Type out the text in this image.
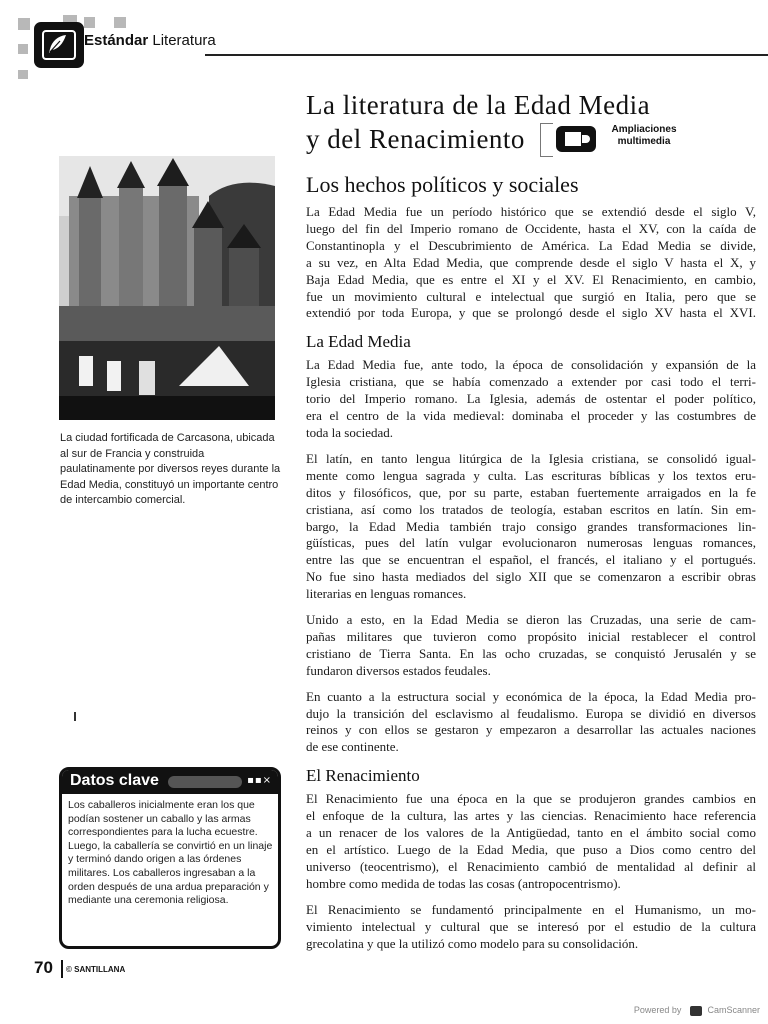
Estándar Literatura
La literatura de la Edad Media
y del Renacimiento	Ampliaciones
multimedia
La ciudad fortificada de Carcasona, ubicada al sur de Francia y construida paulatinamente por diversos reyes durante la Edad Media, constituyó un importante centro de intercambio comercial.
Datos clave	▪▪×
Los caballeros inicialmente eran los que podían sostener un caballo y las armas correspondientes para la lucha ecuestre. Luego, la caballería se convirtió en un linaje y terminó dando origen a las órdenes militares. Los caballeros ingresaban a la orden después de una ardua preparación y mediante una ceremonia religiosa.
Los hechos políticos y sociales
La Edad Media fue un período histórico que se extendió desde el siglo V,
luego del fin del Imperio romano de Occidente, hasta el XV, con la caída de
Constantinopla y el Descubrimiento de América. La Edad Media se divide,
a su vez, en Alta Edad Media, que comprende desde el siglo V hasta el X, y
Baja Edad Media, que es entre el XI y el XV. El Renacimiento, en cambio,
fue un movimiento cultural e intelectual que surgió en Italia, pero que se
extendió por toda Europa, y que se prolongó desde el siglo XV hasta el XVI.
La Edad Media
La Edad Media fue, ante todo, la época de consolidación y expansión de la
Iglesia cristiana, que se había comenzado a extender por casi todo el terri-
torio del Imperio romano. La Iglesia, además de ostentar el poder político,
era el centro de la vida medieval: dominaba el proceder y las costumbres de
toda la sociedad.
El latín, en tanto lengua litúrgica de la Iglesia cristiana, se consolidó igual-
mente como lengua sagrada y culta. Las escrituras bíblicas y los textos eru-
ditos y filosóficos, que, por su parte, estaban fuertemente arraigados en la fe
cristiana, así como los tratados de teología, estaban escritos en latín. Sin em-
bargo, la Edad Media también trajo consigo grandes transformaciones lin-
güísticas, pues del latín vulgar evolucionaron numerosas lenguas romances,
entre las que se encuentran el español, el francés, el italiano y el portugués.
No fue sino hasta mediados del siglo XII que se comenzaron a escribir obras
literarias en lenguas romances.
Unido a esto, en la Edad Media se dieron las Cruzadas, una serie de cam-
pañas militares que tuvieron como propósito inicial restablecer el control
cristiano de Tierra Santa. En las ocho cruzadas, se conquistó Jerusalén y se
fundaron diversos estados feudales.
En cuanto a la estructura social y económica de la época, la Edad Media pro-
dujo la transición del esclavismo al feudalismo. Europa se dividió en diversos
reinos y con ellos se gestaron y empezaron a desarrollar las actuales naciones
de ese continente.
El Renacimiento
El Renacimiento fue una época en la que se produjeron grandes cambios en
el enfoque de la cultura, las artes y las ciencias. Renacimiento hace referencia
a un renacer de los valores de la Antigüedad, tanto en el ámbito social como
en el artístico. Luego de la Edad Media, que puso a Dios como centro del
universo (teocentrismo), el Renacimiento cambió de mentalidad al definir al
hombre como medida de todas las cosas (antropocentrismo).
El Renacimiento se fundamentó principalmente en el Humanismo, un mo-
vimiento intelectual y cultural que se interesó por el estudio de la cultura
grecolatina y que la utilizó como modelo para su consolidación.
70 © SANTILLANA
Powered by	CamScanner
